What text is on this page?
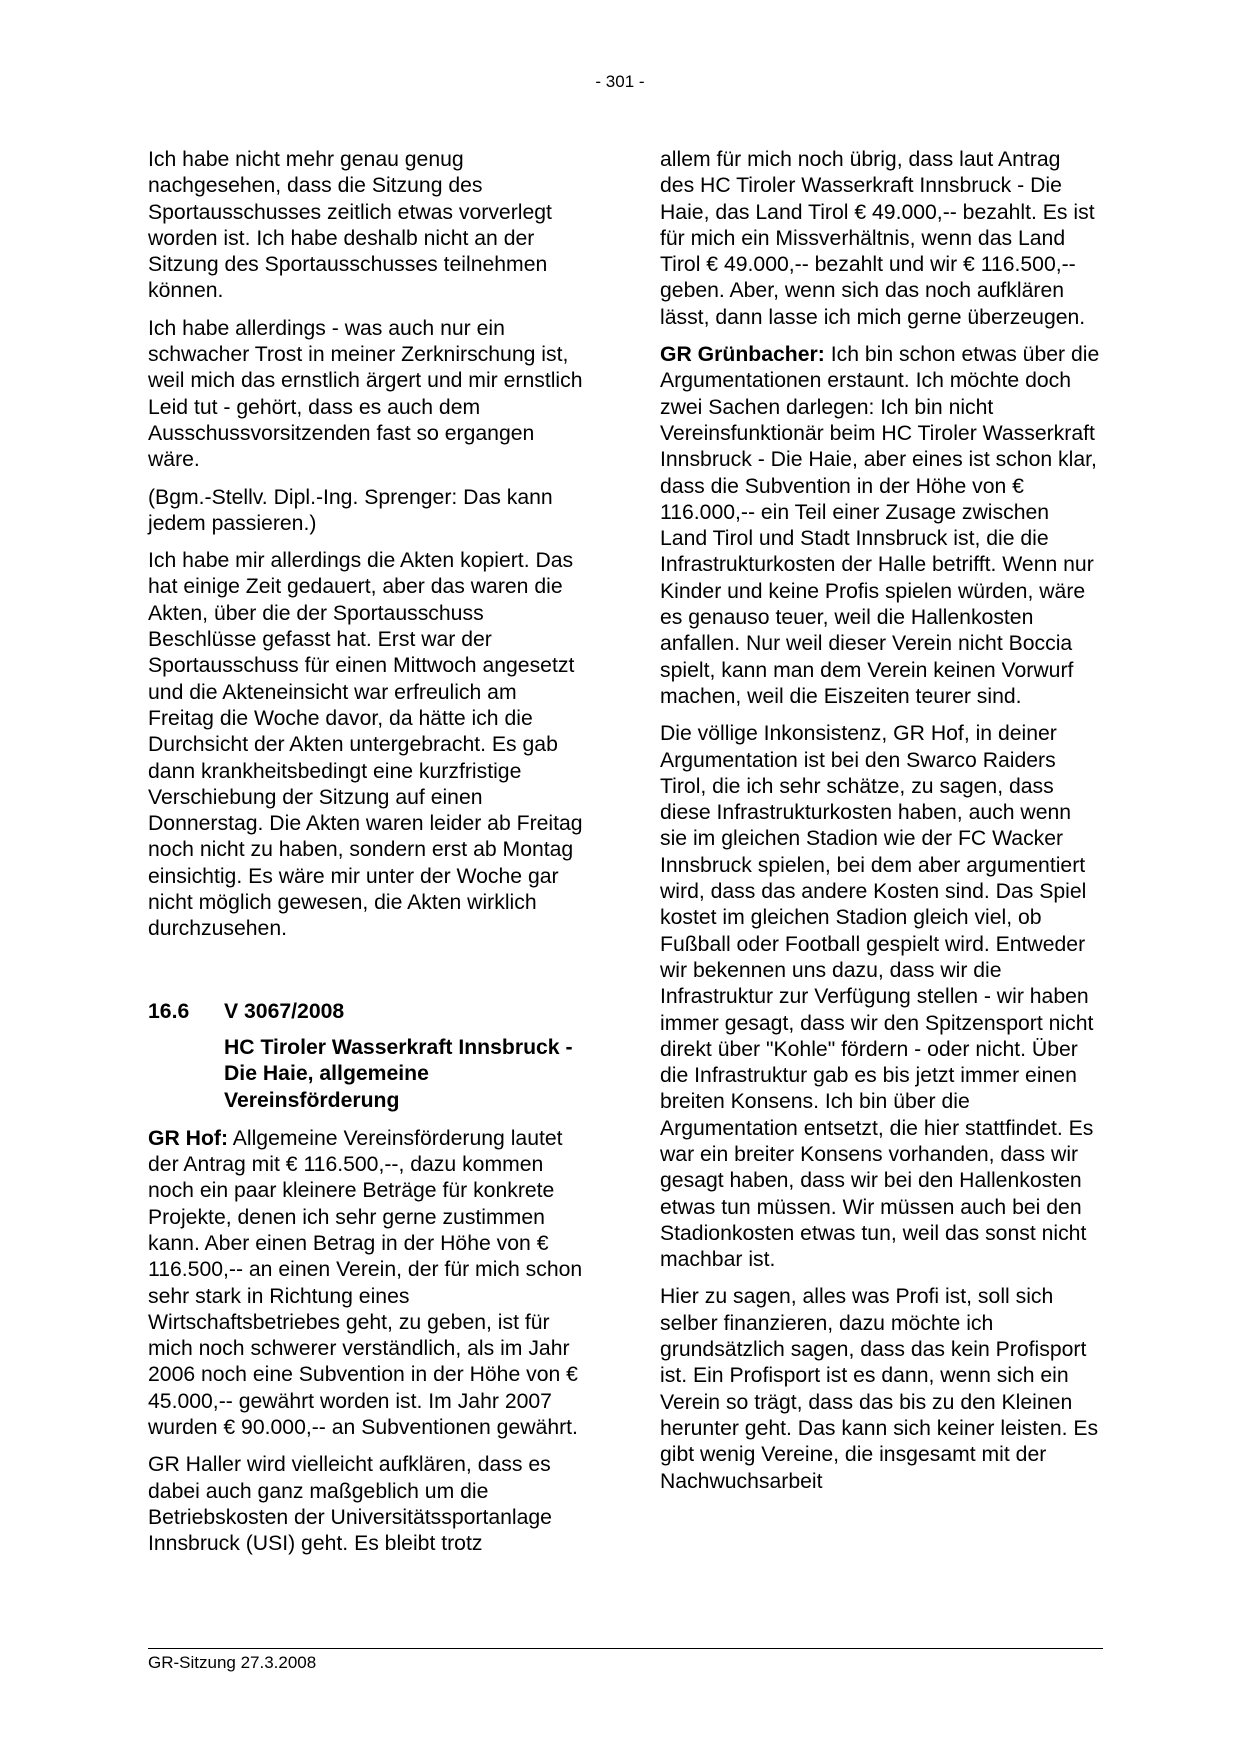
- 301 -

Ich habe nicht mehr genau genug nachgesehen, dass die Sitzung des Sportausschusses zeitlich etwas vorverlegt worden ist. Ich habe deshalb nicht an der Sitzung des Sportausschusses teilnehmen können.

Ich habe allerdings - was auch nur ein schwacher Trost in meiner Zerknirschung ist, weil mich das ernstlich ärgert und mir ernstlich Leid tut - gehört, dass es auch dem Ausschussvorsitzenden fast so ergangen wäre.

(Bgm.-Stellv. Dipl.-Ing. Sprenger: Das kann jedem passieren.)

Ich habe mir allerdings die Akten kopiert. Das hat einige Zeit gedauert, aber das waren die Akten, über die der Sportausschuss Beschlüsse gefasst hat. Erst war der Sportausschuss für einen Mittwoch angesetzt und die Akteneinsicht war erfreulich am Freitag die Woche davor, da hätte ich die Durchsicht der Akten untergebracht. Es gab dann krankheitsbedingt eine kurzfristige Verschiebung der Sitzung auf einen Donnerstag. Die Akten waren leider ab Freitag noch nicht zu haben, sondern erst ab Montag einsichtig. Es wäre mir unter der Woche gar nicht möglich gewesen, die Akten wirklich durchzusehen.

16.6	V 3067/2008
HC Tiroler Wasserkraft Innsbruck - Die Haie, allgemeine Vereinsförderung

GR Hof: Allgemeine Vereinsförderung lautet der Antrag mit € 116.500,--, dazu kommen noch ein paar kleinere Beträge für konkrete Projekte, denen ich sehr gerne zustimmen kann. Aber einen Betrag in der Höhe von € 116.500,-- an einen Verein, der für mich schon sehr stark in Richtung eines Wirtschaftsbetriebes geht, zu geben, ist für mich noch schwerer verständlich, als im Jahr 2006 noch eine Subvention in der Höhe von € 45.000,-- gewährt worden ist. Im Jahr 2007 wurden € 90.000,-- an Subventionen gewährt.

GR Haller wird vielleicht aufklären, dass es dabei auch ganz maßgeblich um die Betriebskosten der Universitätssportanlage Innsbruck (USI) geht. Es bleibt trotz

allem für mich noch übrig, dass laut Antrag des HC Tiroler Wasserkraft Innsbruck - Die Haie, das Land Tirol € 49.000,-- bezahlt. Es ist für mich ein Missverhältnis, wenn das Land Tirol € 49.000,-- bezahlt und wir € 116.500,-- geben. Aber, wenn sich das noch aufklären lässt, dann lasse ich mich gerne überzeugen.

GR Grünbacher: Ich bin schon etwas über die Argumentationen erstaunt. Ich möchte doch zwei Sachen darlegen: Ich bin nicht Vereinsfunktionär beim HC Tiroler Wasserkraft Innsbruck - Die Haie, aber eines ist schon klar, dass die Subvention in der Höhe von € 116.000,-- ein Teil einer Zusage zwischen Land Tirol und Stadt Innsbruck ist, die die Infrastrukturkosten der Halle betrifft. Wenn nur Kinder und keine Profis spielen würden, wäre es genauso teuer, weil die Hallenkosten anfallen. Nur weil dieser Verein nicht Boccia spielt, kann man dem Verein keinen Vorwurf machen, weil die Eiszeiten teurer sind.

Die völlige Inkonsistenz, GR Hof, in deiner Argumentation ist bei den Swarco Raiders Tirol, die ich sehr schätze, zu sagen, dass diese Infrastrukturkosten haben, auch wenn sie im gleichen Stadion wie der FC Wacker Innsbruck spielen, bei dem aber argumentiert wird, dass das andere Kosten sind. Das Spiel kostet im gleichen Stadion gleich viel, ob Fußball oder Football gespielt wird. Entweder wir bekennen uns dazu, dass wir die Infrastruktur zur Verfügung stellen - wir haben immer gesagt, dass wir den Spitzensport nicht direkt über "Kohle" fördern - oder nicht. Über die Infrastruktur gab es bis jetzt immer einen breiten Konsens. Ich bin über die Argumentation entsetzt, die hier stattfindet. Es war ein breiter Konsens vorhanden, dass wir gesagt haben, dass wir bei den Hallenkosten etwas tun müssen. Wir müssen auch bei den Stadionkosten etwas tun, weil das sonst nicht machbar ist.

Hier zu sagen, alles was Profi ist, soll sich selber finanzieren, dazu möchte ich grundsätzlich sagen, dass das kein Profisport ist. Ein Profisport ist es dann, wenn sich ein Verein so trägt, dass das bis zu den Kleinen herunter geht. Das kann sich keiner leisten. Es gibt wenig Vereine, die insgesamt mit der Nachwuchsarbeit

GR-Sitzung 27.3.2008
